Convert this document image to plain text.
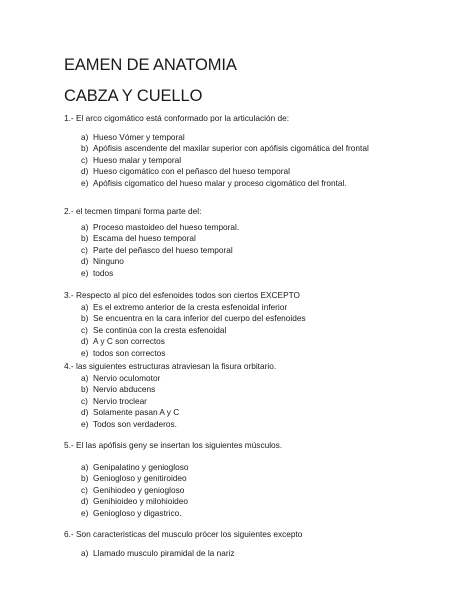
EAMEN DE ANATOMIA
CABZA Y CUELLO

1.- El arco cigomático está conformado por la articulación de:

a) Hueso Vómer y temporal
b) Apófisis ascendente del maxilar superior con apófisis cigomática del frontal
c) Hueso malar y temporal
d) Hueso cigomático con el peñasco del hueso temporal
e) Apófisis cigomatico del hueso malar y proceso cigomático del frontal.

2.- el tecmen timpani forma parte del:

a) Proceso mastoideo del hueso temporal.
b) Escama del hueso temporal
c) Parte del peñasco del hueso temporal
d) Ninguno
e) todos

3.- Respecto al pico del esfenoides todos son ciertos EXCEPTO

a) Es el extremo anterior de la cresta esfenoidal inferior
b) Se encuentra en la cara inferior del cuerpo del esfenoides
c) Se continúa con la cresta esfenoidal
d) A y C son correctos
e) todos son correctos

4.- las siguientes estructuras atraviesan la fisura orbitario.

a) Nervio oculomotor
b) Nervio abducens
c) Nervio troclear
d) Solamente pasan A y C
e) Todos son verdaderos.

5.- El las apófisis geny se insertan los siguientes músculos.

a) Genipalatino y geniogloso
b) Geniogloso y genitiroideo
c) Genihiodeo y geniogloso
d) Genihioideo y milohioideo
e) Geniogloso y digastrico.

6.- Son caracteristicas del musculo prócer los siguientes excepto

a) Llamado musculo piramidal de la nariz
